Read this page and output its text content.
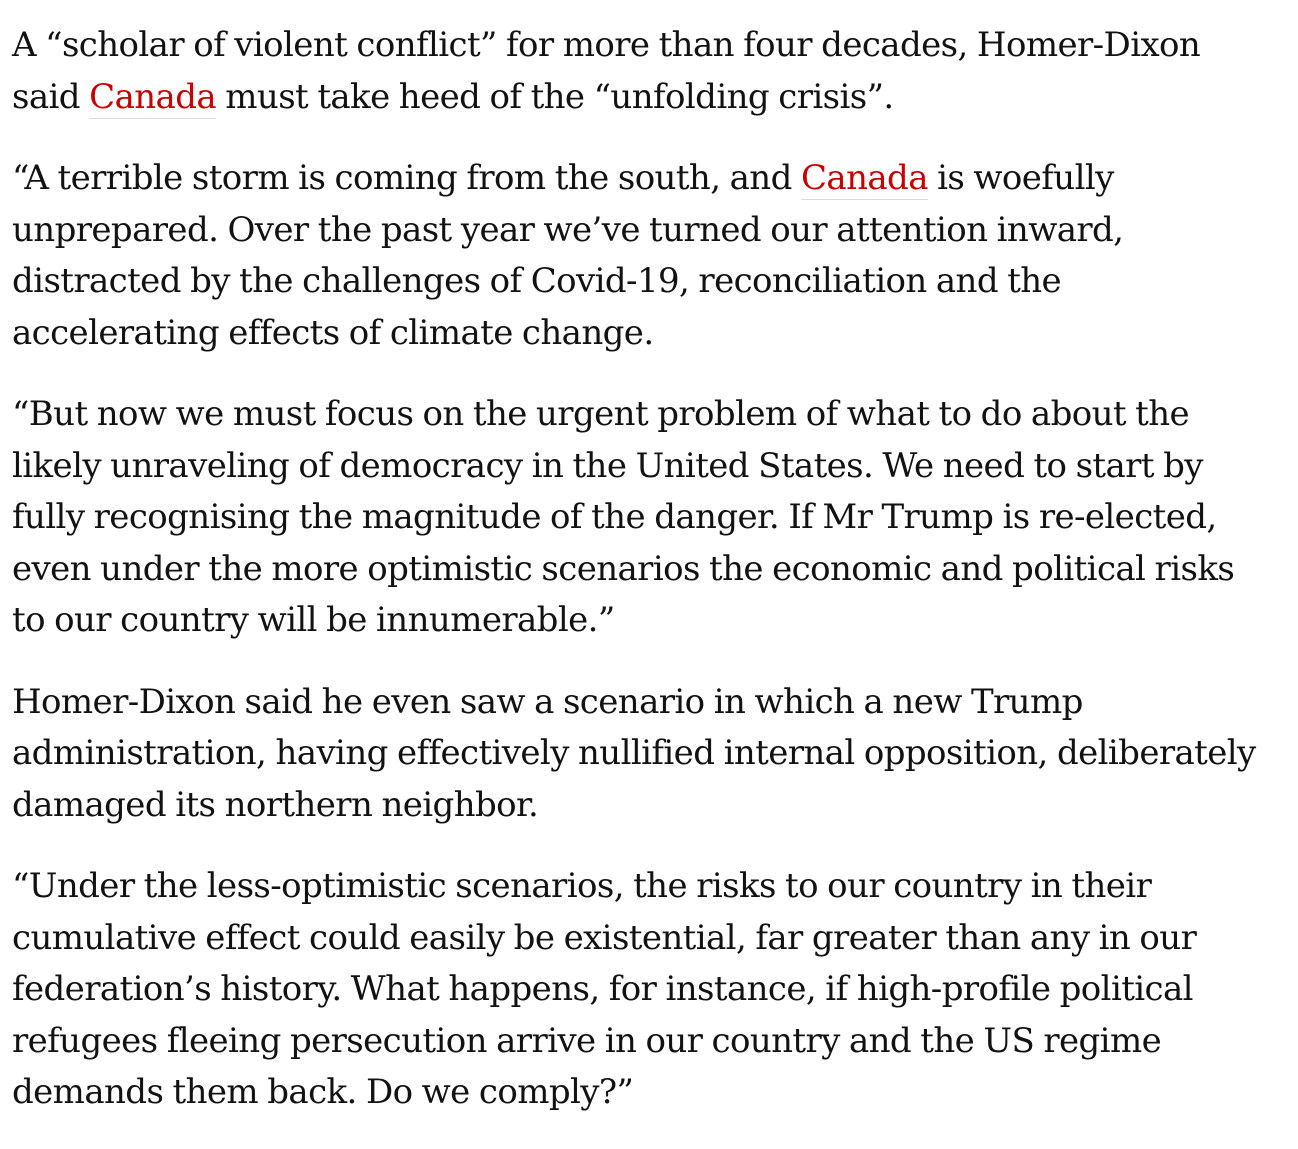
A “scholar of violent conflict” for more than four decades, Homer-Dixon said Canada must take heed of the “unfolding crisis”.

“A terrible storm is coming from the south, and Canada is woefully unprepared. Over the past year we’ve turned our attention inward, distracted by the challenges of Covid-19, reconciliation and the accelerating effects of climate change.

“But now we must focus on the urgent problem of what to do about the likely unraveling of democracy in the United States. We need to start by fully recognising the magnitude of the danger. If Mr Trump is re-elected, even under the more optimistic scenarios the economic and political risks to our country will be innumerable.”

Homer-Dixon said he even saw a scenario in which a new Trump administration, having effectively nullified internal opposition, deliberately damaged its northern neighbor.

“Under the less-optimistic scenarios, the risks to our country in their cumulative effect could easily be existential, far greater than any in our federation’s history. What happens, for instance, if high-profile political refugees fleeing persecution arrive in our country and the US regime demands them back. Do we comply?”
